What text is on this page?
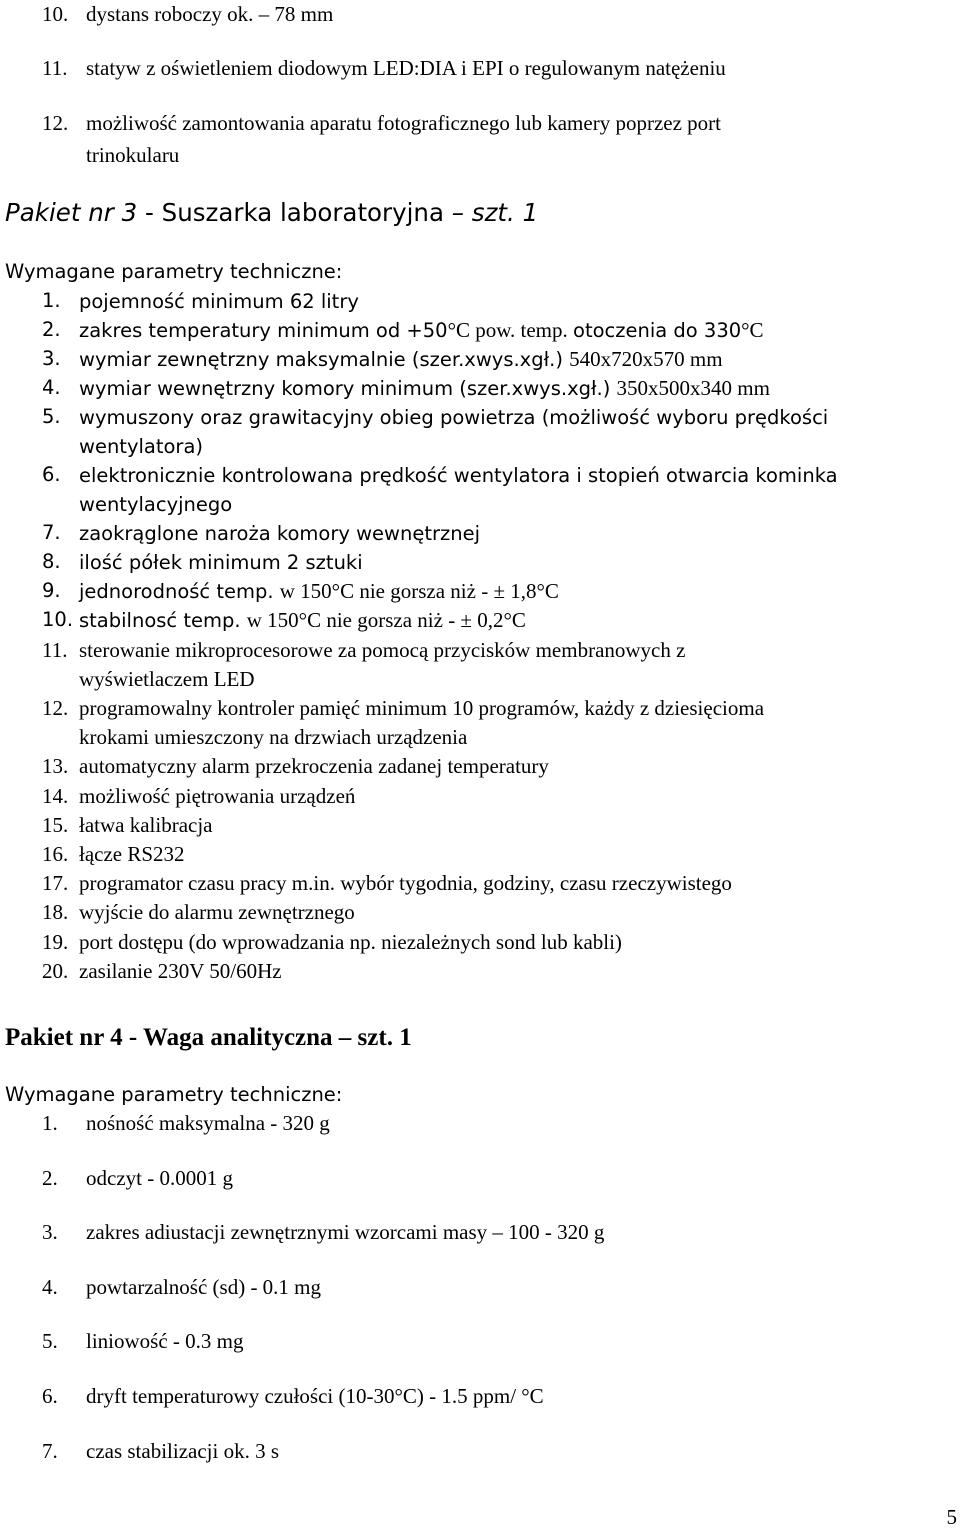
10. dystans roboczy ok. – 78 mm
11. statyw z oświetleniem diodowym LED:DIA i EPI o regulowanym natężeniu
12. możliwość zamontowania aparatu fotograficznego lub kamery poprzez port
trinokularu
Pakiet nr 3 - Suszarka laboratoryjna – szt. 1
Wymagane parametry techniczne:
1. pojemność minimum 62 litry
2. zakres temperatury minimum od +50°C pow. temp. otoczenia do 330°C
3. wymiar zewnętrzny maksymalnie (szer.xwys.xgł.) 540x720x570 mm
4. wymiar wewnętrzny komory minimum (szer.xwys.xgł.) 350x500x340 mm
5. wymuszony oraz grawitacyjny obieg powietrza (możliwość wyboru prędkości
wentylatora)
6. elektronicznie kontrolowana prędkość wentylatora i stopień otwarcia kominka
wentylacyjnego
7. zaokrąglone naroża komory wewnętrznej
8. ilość półek minimum 2 sztuki
9. jednorodność temp. w 150°C nie gorsza niż - ± 1,8°C
10. stabilnosć temp. w 150°C nie gorsza niż - ± 0,2°C
11. sterowanie mikroprocesorowe za pomocą przycisków membranowych z
wyświetlaczem LED
12. programowalny kontroler pamięć minimum 10 programów, każdy z dziesięcioma
krokami umieszczony na drzwiach urządzenia
13. automatyczny alarm przekroczenia zadanej temperatury
14. możliwość piętrowania urządzeń
15. łatwa kalibracja
16. łącze RS232
17. programator czasu pracy m.in. wybór tygodnia, godziny, czasu rzeczywistego
18. wyjście do alarmu zewnętrznego
19. port dostępu (do wprowadzania np. niezależnych sond lub kabli)
20. zasilanie 230V 50/60Hz
Pakiet nr 4 - Waga analityczna – szt. 1
Wymagane parametry techniczne:
1. nośność maksymalna - 320 g
2. odczyt - 0.0001 g
3. zakres adiustacji zewnętrznymi wzorcami masy – 100 - 320 g
4. powtarzalność (sd) - 0.1 mg
5. liniowość - 0.3 mg
6. dryft temperaturowy czułości (10-30°C) - 1.5 ppm/ °C
7. czas stabilizacji ok. 3 s
5
